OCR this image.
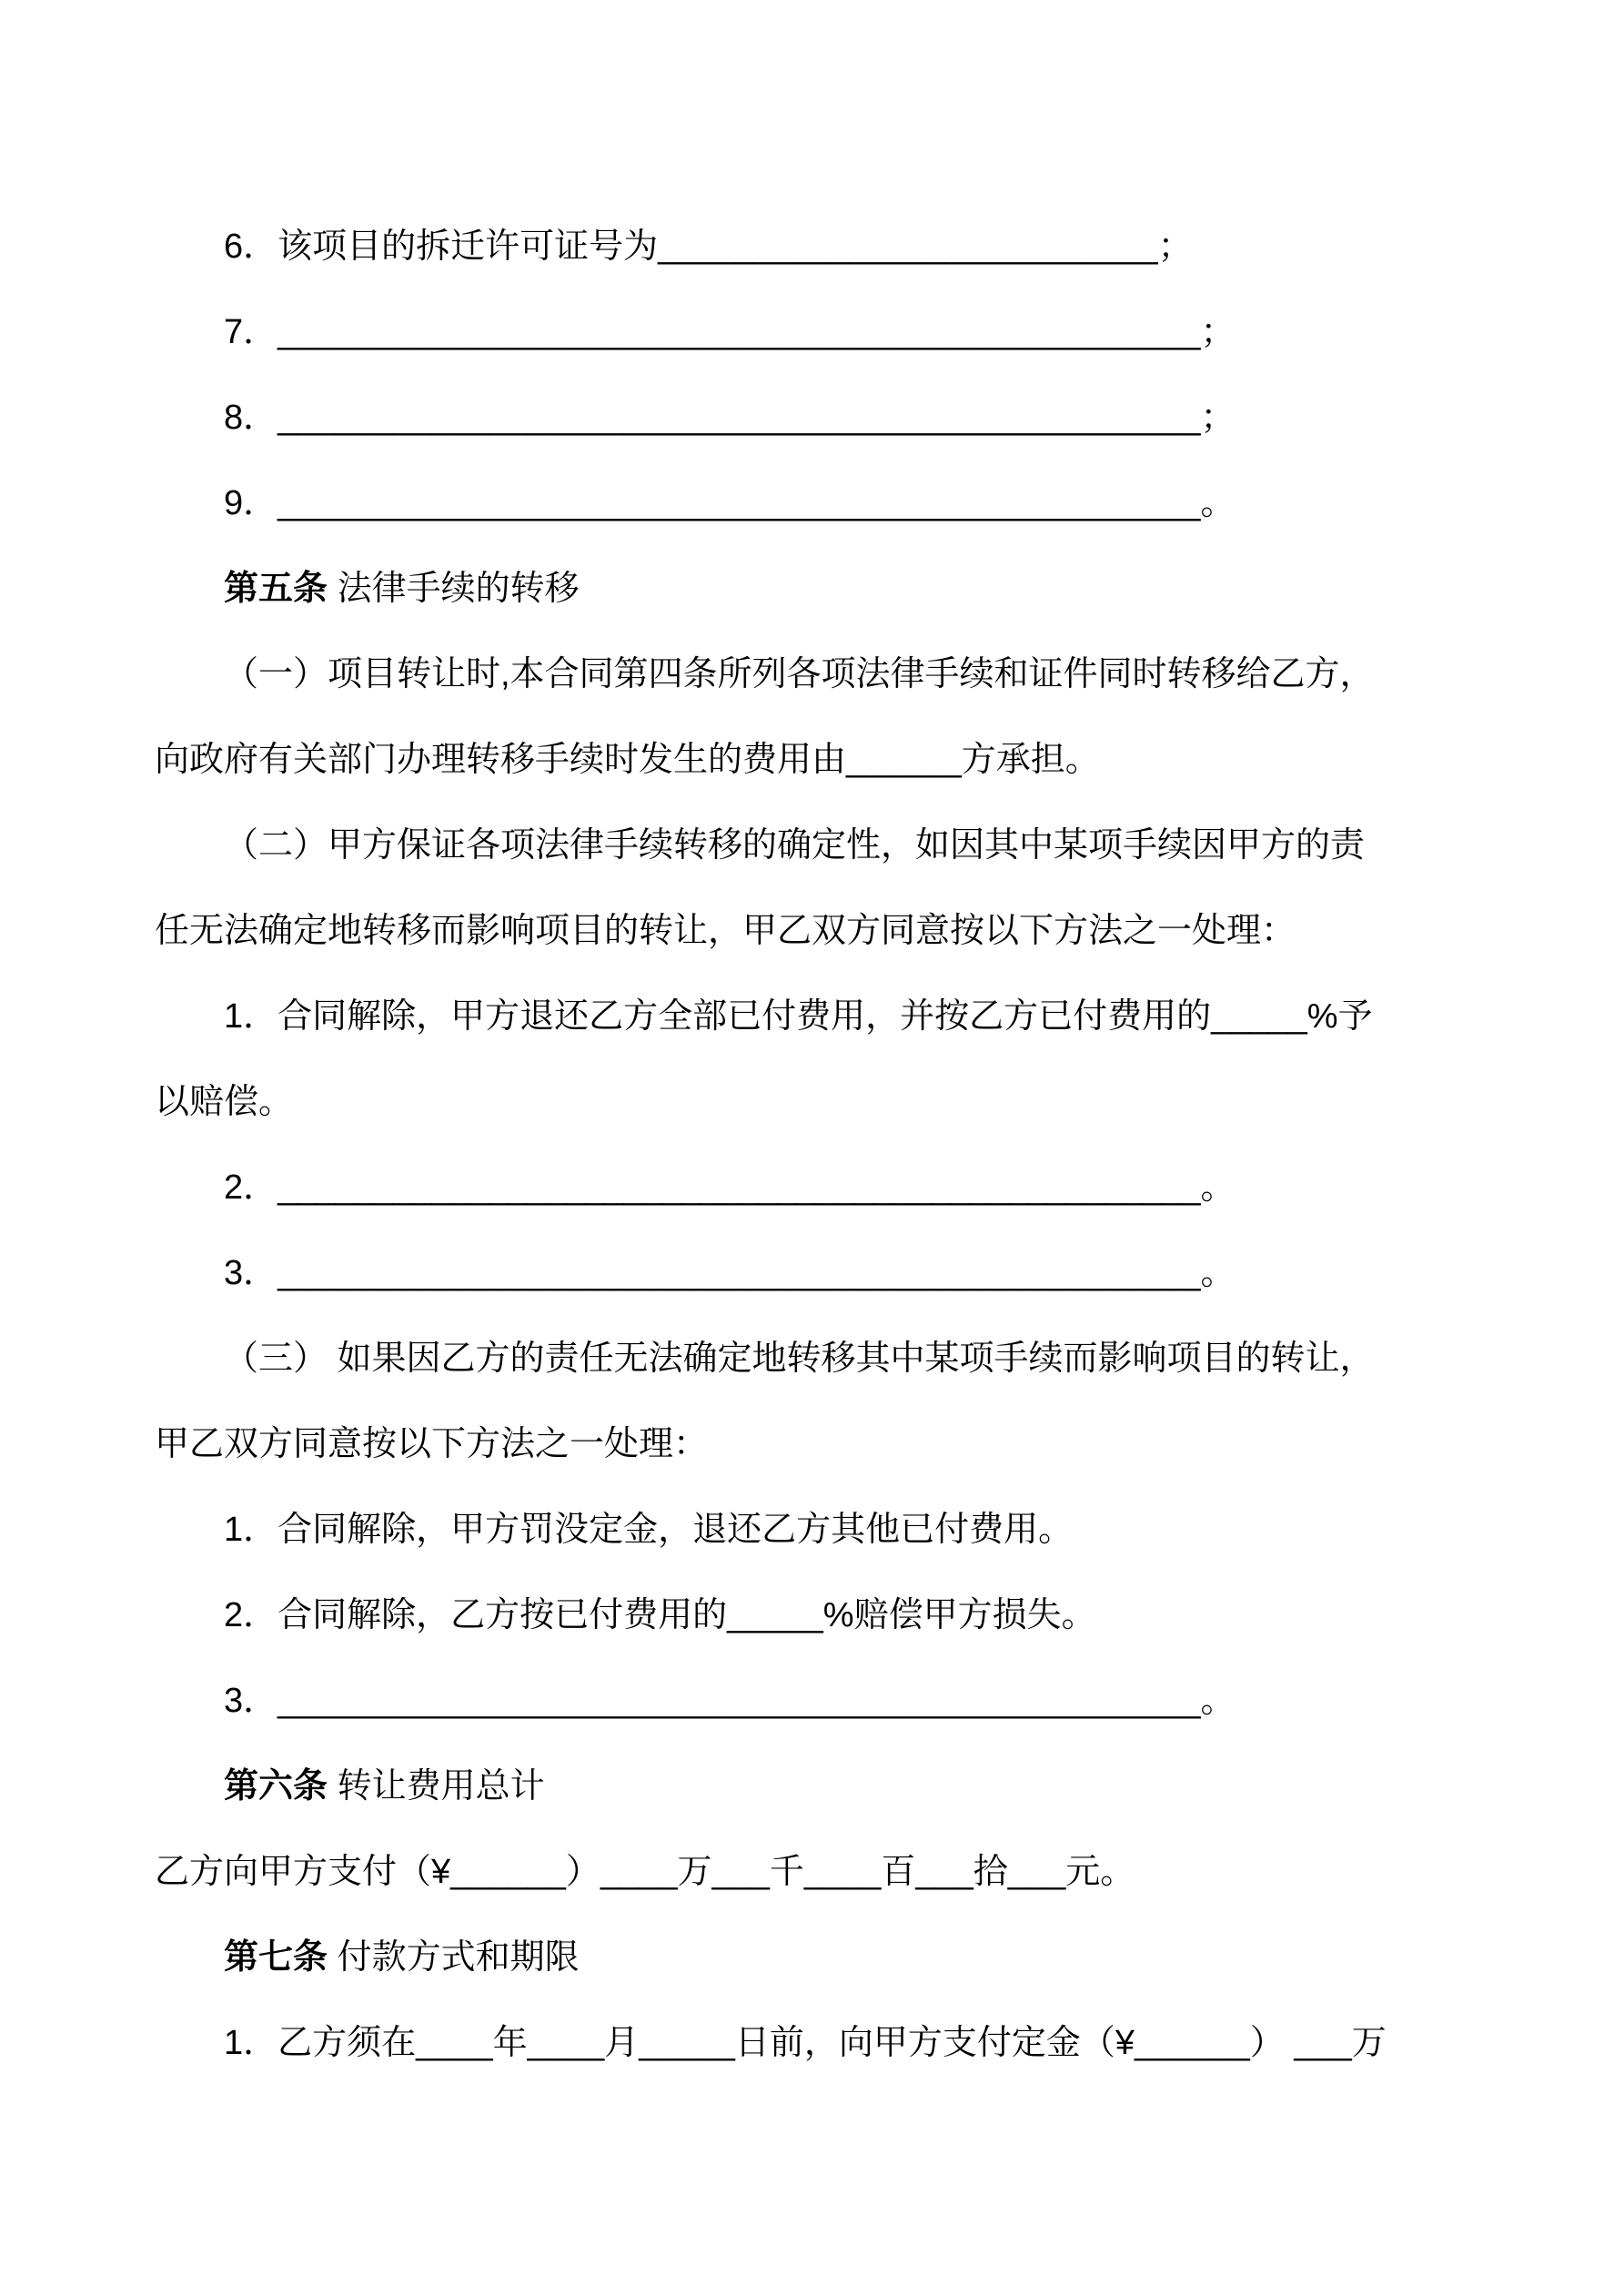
6．该项目的拆迁许可证号为__________________________；

7．________________________________________________；

8．________________________________________________；

9．________________________________________________。

第五条 法律手续的转移

（一）项目转让时,本合同第四条所列各项法律手续和证件同时转移给乙方，

向政府有关部门办理转移手续时发生的费用由______方承担。

（二）甲方保证各项法律手续转移的确定性，如因其中某项手续因甲方的责

任无法确定地转移而影响项目的转让，甲乙双方同意按以下方法之一处理：

1．合同解除，甲方退还乙方全部已付费用，并按乙方已付费用的_____%予

以赔偿。

2．________________________________________________。

3．________________________________________________。

（三） 如果因乙方的责任无法确定地转移其中某项手续而影响项目的转让，

甲乙双方同意按以下方法之一处理：

1．合同解除，甲方罚没定金，退还乙方其他已付费用。

2．合同解除，乙方按已付费用的_____%赔偿甲方损失。

3．________________________________________________。

第六条 转让费用总计

乙方向甲方支付（¥______）____万___千____百___拾___元。

第七条 付款方式和期限

1．乙方须在____年____月_____日前，向甲方支付定金（¥______） ___万
